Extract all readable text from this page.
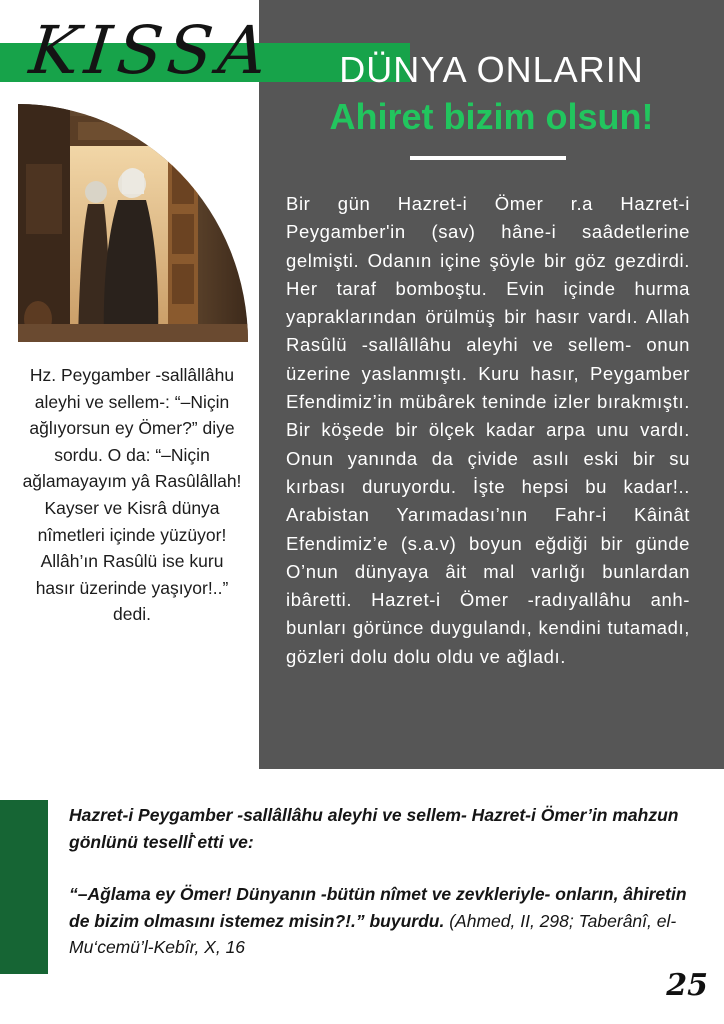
KISSA	DÜNYA ONLARIN
Ahiret bizim olsun!

Bir gün Hazret-i Ömer r.a Hazret-i Peygamber'in (sav) hâne-i saâdetlerine gelmişti. Odanın içine şöyle bir göz gezdirdi. Her taraf bomboştu. Evin içinde hurma yapraklarından örülmüş bir hasır vardı. Allah Rasûlü -sallâllâhu aleyhi ve sellem- onun üzerine yaslanmıştı. Kuru hasır, Peygamber Efendimiz’in mübârek teninde izler bırakmıştı. Bir köşede bir ölçek kadar arpa unu vardı. Onun yanında da çivide asılı eski bir su kırbası duruyordu. İşte hepsi bu kadar!.. Arabistan Yarımadası’nın Fahr-i Kâinât Efendimiz’e (s.a.v) boyun eğdiği bir günde O’nun dünyaya âit mal varlığı bunlardan ibâretti. Hazret-i Ömer -radıyallâhu anh- bunları görünce duygulandı, kendini tutamadı, gözleri dolu dolu oldu ve ağladı.

Hz. Peygamber -sallâllâhu aleyhi ve sellem-: “–Niçin ağlıyorsun ey Ömer?” diye sordu. O da: “–Niçin ağlamayayım yâ Rasûlâllah! Kayser ve Kisrâ dünya nîmetleri içinde yüzüyor! Allâh’ın Rasûlü ise kuru hasır üzerinde yaşıyor!..” dedi.

Hazret-i Peygamber -sallâllâhu aleyhi ve sellem- Hazret-i Ömer’in mahzun gönlünü teselli̇̂ etti ve:

“–Ağlama ey Ömer! Dünyanın -bütün nîmet ve zevkleriyle- onların, âhiretin de bizim olmasını istemez misin?!.” buyurdu. (Ahmed, II, 298; Taberânî, el-Mu‘cemü’l-Kebîr, X, 16

25
